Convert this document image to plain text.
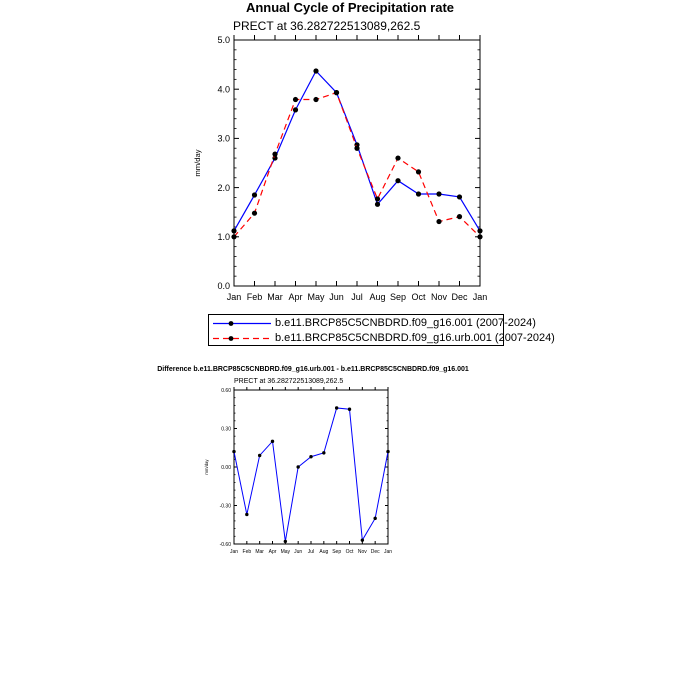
Annual Cycle of Precipitation rate
PRECT at 36.282722513089,262.5
Difference b.e11.BRCP85C5CNBDRD.f09_g16.urb.001 - b.e11.BRCP85C5CNBDRD.f09_g16.001
PRECT at 36.282722513089,262.5
0.0
1.0
2.0
3.0
4.0
5.0
Jan Feb Mar Apr May Jun Jul Aug Sep Oct Nov Dec Jan
mm/day
-0.60
-0.30
0.00
0.30
0.60
Jan Feb Mar Apr May Jun Jul Aug Sep Oct Nov Dec Jan
mm/day
b.e11.BRCP85C5CNBDRD.f09_g16.001 (2007-2024)
b.e11.BRCP85C5CNBDRD.f09_g16.urb.001 (2007-2024)
